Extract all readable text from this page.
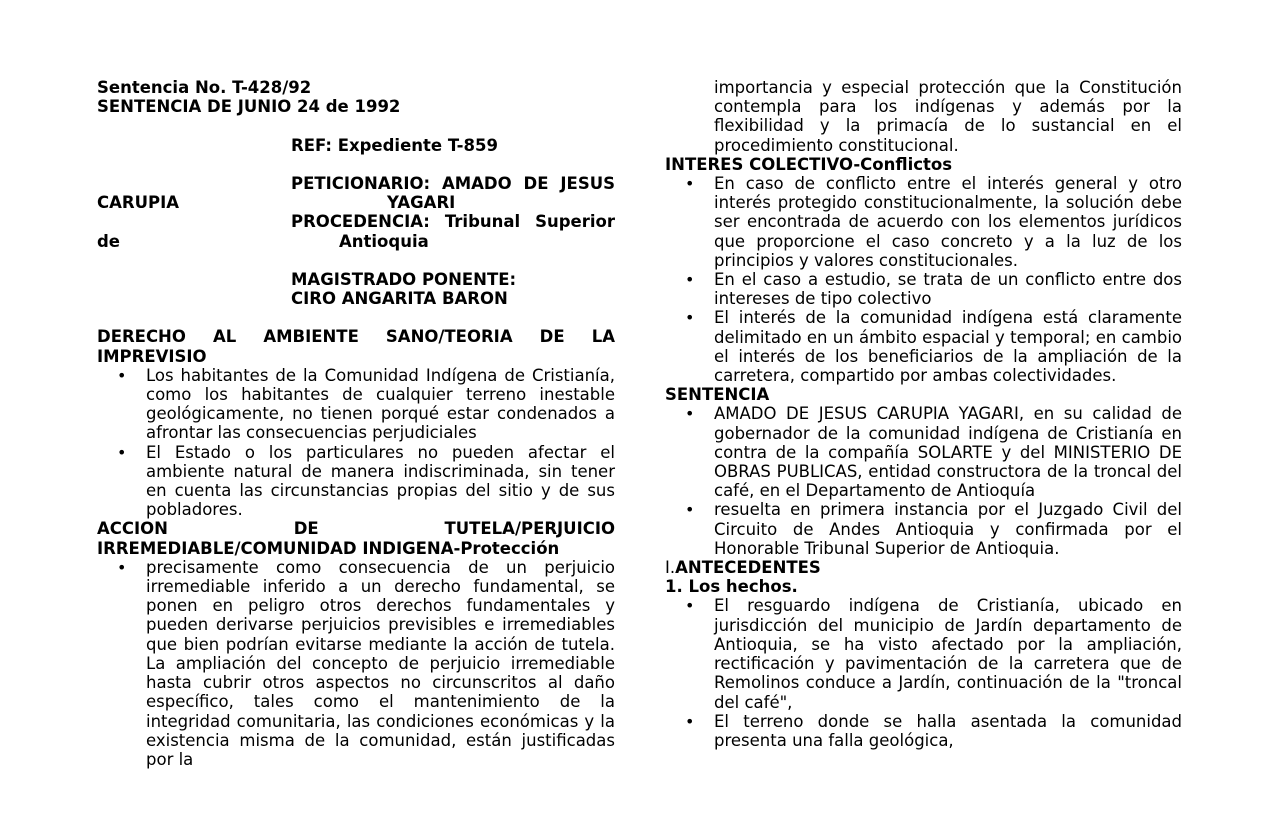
Sentencia No. T-428/92
SENTENCIA DE JUNIO 24 de 1992
REF: Expediente T-859
PETICIONARIO: AMADO DE JESUS
CARUPIA	YAGARI
PROCEDENCIA: Tribunal Superior
de	Antioquia
MAGISTRADO PONENTE:
CIRO ANGARITA BARON
DERECHO AL AMBIENTE SANO/TEORIA DE LA IMPREVISIO
• Los habitantes de la Comunidad Indígena de Cristianía, como los habitantes de cualquier terreno inestable geológicamente, no tienen porqué estar condenados a afrontar las consecuencias perjudiciales
• El Estado o los particulares no pueden afectar el ambiente natural de manera indiscriminada, sin tener en cuenta las circunstancias propias del sitio y de sus pobladores.
ACCION DE TUTELA/PERJUICIO IRREMEDIABLE/COMUNIDAD INDIGENA-Protección
• precisamente como consecuencia de un perjuicio irremediable inferido a un derecho fundamental, se ponen en peligro otros derechos fundamentales y pueden derivarse perjuicios previsibles e irremediables que bien podrían evitarse mediante la acción de tutela. La ampliación del concepto de perjuicio irremediable hasta cubrir otros aspectos no circunscritos al daño específico, tales como el mantenimiento de la integridad comunitaria, las condiciones económicas y la existencia misma de la comunidad, están justificadas por la
importancia y especial protección que la Constitución contempla para los indígenas y además por la flexibilidad y la primacía de lo sustancial en el procedimiento constitucional.
INTERES COLECTIVO-Conflictos
• En caso de conflicto entre el interés general y otro interés protegido constitucionalmente, la solución debe ser encontrada de acuerdo con los elementos jurídicos que proporcione el caso concreto y a la luz de los principios y valores constitucionales.
• En el caso a estudio, se trata de un conflicto entre dos intereses de tipo colectivo
• El interés de la comunidad indígena está claramente delimitado en un ámbito espacial y temporal; en cambio el interés de los beneficiarios de la ampliación de la carretera, compartido por ambas colectividades.
SENTENCIA
• AMADO DE JESUS CARUPIA YAGARI, en su calidad de gobernador de la comunidad indígena de Cristianía en contra de la compañía SOLARTE y del MINISTERIO DE OBRAS PUBLICAS, entidad constructora de la troncal del café, en el Departamento de Antioquía
• resuelta en primera instancia por el Juzgado Civil del Circuito de Andes Antioquia y confirmada por el Honorable Tribunal Superior de Antioquia.
I.ANTECEDENTES
1. Los hechos.
• El resguardo indígena de Cristianía, ubicado en jurisdicción del municipio de Jardín departamento de Antioquia, se ha visto afectado por la ampliación, rectificación y pavimentación de la carretera que de Remolinos conduce a Jardín, continuación de la "troncal del café",
• El terreno donde se halla asentada la comunidad presenta una falla geológica,
